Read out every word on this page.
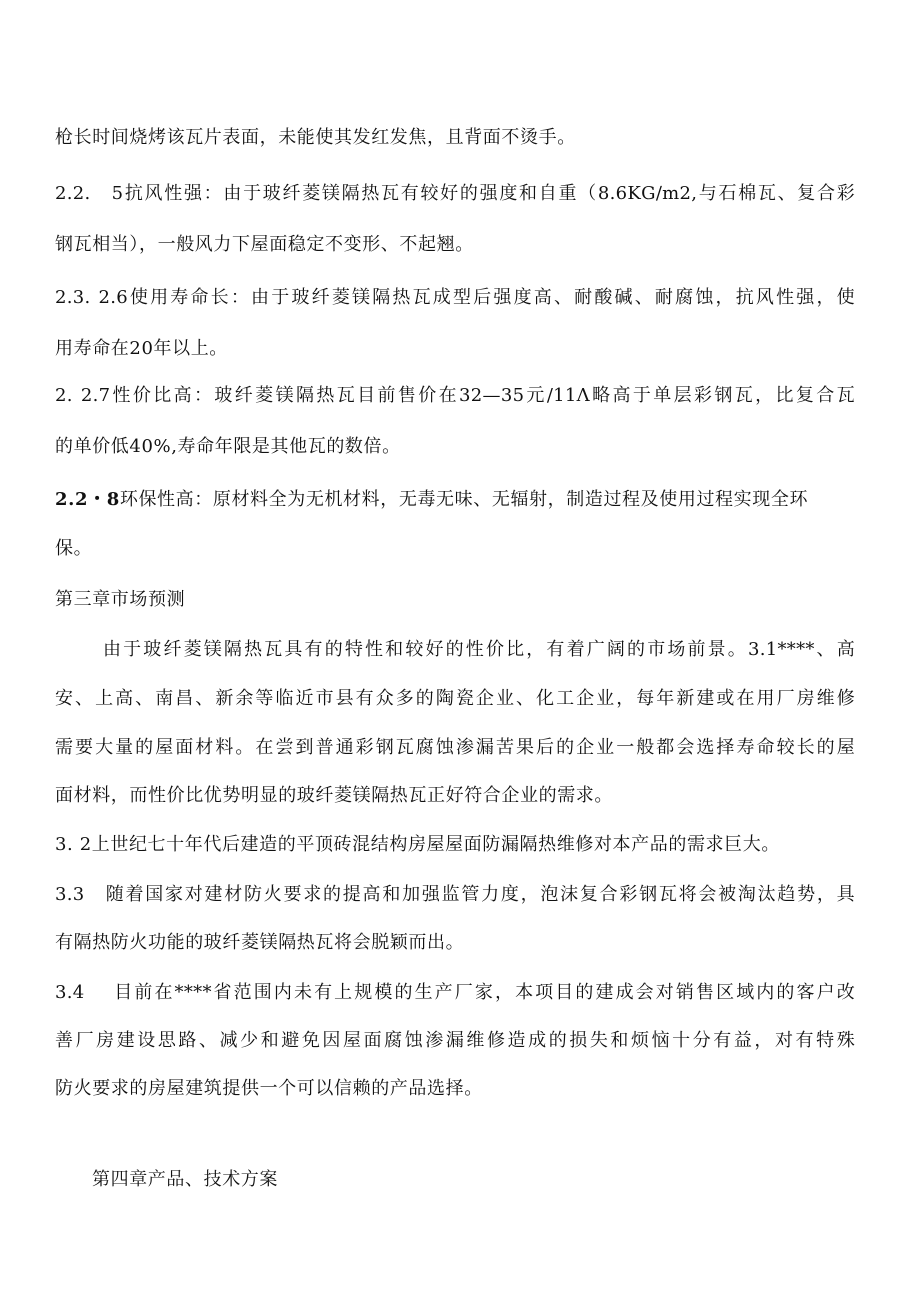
枪长时间烧烤该瓦片表面，未能使其发红发焦，且背面不烫手。
2.2.　5抗风性强：由于玻纤菱镁隔热瓦有较好的强度和自重（8.6KG∕m2,与石棉瓦、复合彩
钢瓦相当），一般风力下屋面稳定不变形、不起翘。
2.3. 2.6使用寿命长：由于玻纤菱镁隔热瓦成型后强度高、耐酸碱、耐腐蚀，抗风性强，使
用寿命在20年以上。
2. 2.7性价比高：玻纤菱镁隔热瓦目前售价在32—35元/11Λ略高于单层彩钢瓦，比复合瓦
的单价低40%,寿命年限是其他瓦的数倍。
2.2・8环保性高：原材料全为无机材料，无毒无味、无辐射，制造过程及使用过程实现全环
保。
第三章市场预测
由于玻纤菱镁隔热瓦具有的特性和较好的性价比，有着广阔的市场前景。3.1****、高
安、上高、南昌、新余等临近市县有众多的陶瓷企业、化工企业，每年新建或在用厂房维修
需要大量的屋面材料。在尝到普通彩钢瓦腐蚀渗漏苦果后的企业一般都会选择寿命较长的屋
面材料，而性价比优势明显的玻纤菱镁隔热瓦正好符合企业的需求。
3. 2上世纪七十年代后建造的平顶砖混结构房屋屋面防漏隔热维修对本产品的需求巨大。
3.3　随着国家对建材防火要求的提高和加强监管力度，泡沫复合彩钢瓦将会被淘汰趋势，具
有隔热防火功能的玻纤菱镁隔热瓦将会脱颖而出。
3.4　 目前在****省范围内未有上规模的生产厂家，本项目的建成会对销售区域内的客户改
善厂房建设思路、减少和避免因屋面腐蚀渗漏维修造成的损失和烦恼十分有益，对有特殊
防火要求的房屋建筑提供一个可以信赖的产品选择。
第四章产品、技术方案
